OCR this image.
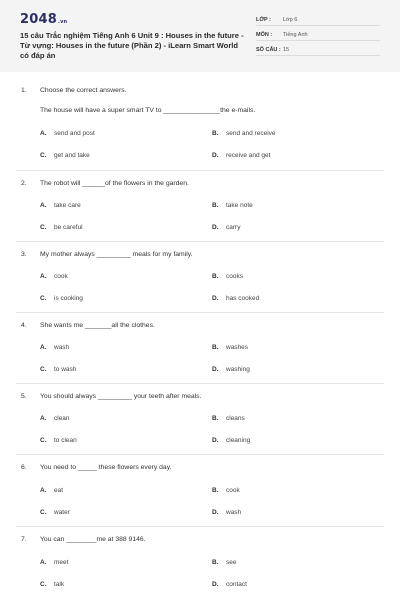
2048.vn
15 câu Trắc nghiệm Tiếng Anh 6 Unit 9 : Houses in the future - Từ vựng: Houses in the future (Phần 2) - iLearn Smart World có đáp án
LỚP : Lớp 6
MÔN : Tiếng Anh
SỐ CÂU : 15
1. Choose the correct answers.
The house will have a super smart TV to _______________the e-mails.
A. send and post	B. send and receive
C. get and take	D. receive and get
2. The robot will ______of the flowers in the garden.
A. take care	B. take note
C. be careful	D. carry
3. My mother always _________ meals for my family.
A. cook	B. cooks
C. is cooking	D. has cooked
4. She wants me _______all the clothes.
A. wash	B. washes
C. to wash	D. washing
5. You should always _________ your teeth after meals.
A. clean	B. cleans
C. to clean	D. cleaning
6. You need to _____ these flowers every day.
A. eat	B. cook
C. water	D. wash
7. You can ________me at 388 9146.
A. meet	B. see
C. talk	D. contact
